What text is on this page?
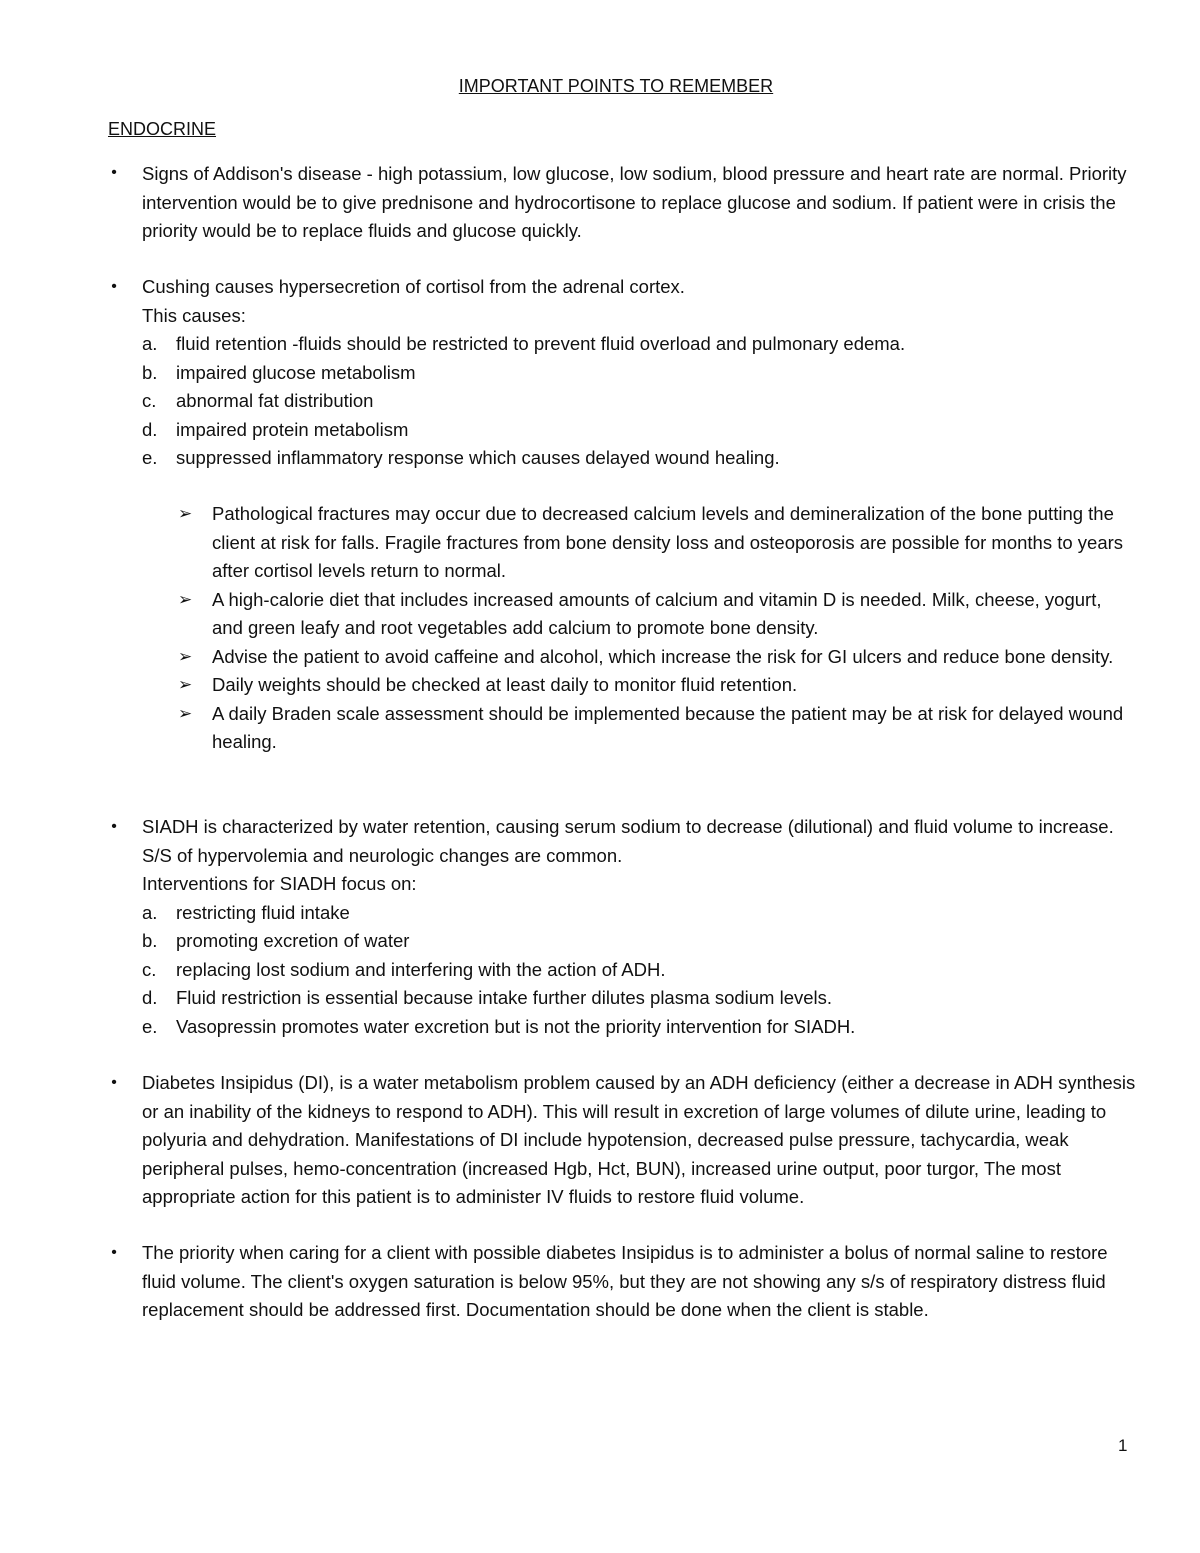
IMPORTANT POINTS TO REMEMBER
ENDOCRINE
• Signs of Addison's disease - high potassium, low glucose, low sodium, blood pressure and heart rate are normal. Priority intervention would be to give prednisone and hydrocortisone to replace glucose and sodium. If patient were in crisis the priority would be to replace fluids and glucose quickly.
• Cushing causes hypersecretion of cortisol from the adrenal cortex.
This causes:
a.	fluid retention -fluids should be restricted to prevent fluid overload and pulmonary edema.
b.	impaired glucose metabolism
c.	abnormal fat distribution
d.	impaired protein metabolism
e.	suppressed inflammatory response which causes delayed wound healing.
➢	Pathological fractures may occur due to decreased calcium levels and demineralization of the bone putting the client at risk for falls. Fragile fractures from bone density loss and osteoporosis are possible for months to years after cortisol levels return to normal.
➢	A high-calorie diet that includes increased amounts of calcium and vitamin D is needed. Milk, cheese, yogurt, and green leafy and root vegetables add calcium to promote bone density.
➢	Advise the patient to avoid caffeine and alcohol, which increase the risk for GI ulcers and reduce bone density.
➢	Daily weights should be checked at least daily to monitor fluid retention.
➢	A daily Braden scale assessment should be implemented because the patient may be at risk for delayed wound healing.
• SIADH is characterized by water retention, causing serum sodium to decrease (dilutional) and fluid volume to increase. S/S of hypervolemia and neurologic changes are common.
Interventions for SIADH focus on:
a.	restricting fluid intake
b.	promoting excretion of water
c.	replacing lost sodium and interfering with the action of ADH.
d.	Fluid restriction is essential because intake further dilutes plasma sodium levels.
e.	Vasopressin promotes water excretion but is not the priority intervention for SIADH.
• Diabetes Insipidus (DI), is a water metabolism problem caused by an ADH deficiency (either a decrease in ADH synthesis or an inability of the kidneys to respond to ADH). This will result in excretion of large volumes of dilute urine, leading to polyuria and dehydration. Manifestations of DI include hypotension, decreased pulse pressure, tachycardia, weak peripheral pulses, hemo-concentration (increased Hgb, Hct, BUN), increased urine output, poor turgor, The most appropriate action for this patient is to administer IV fluids to restore fluid volume.
• The priority when caring for a client with possible diabetes Insipidus is to administer a bolus of normal saline to restore fluid volume. The client's oxygen saturation is below 95%, but they are not showing any s/s of respiratory distress fluid replacement should be addressed first. Documentation should be done when the client is stable.
1
